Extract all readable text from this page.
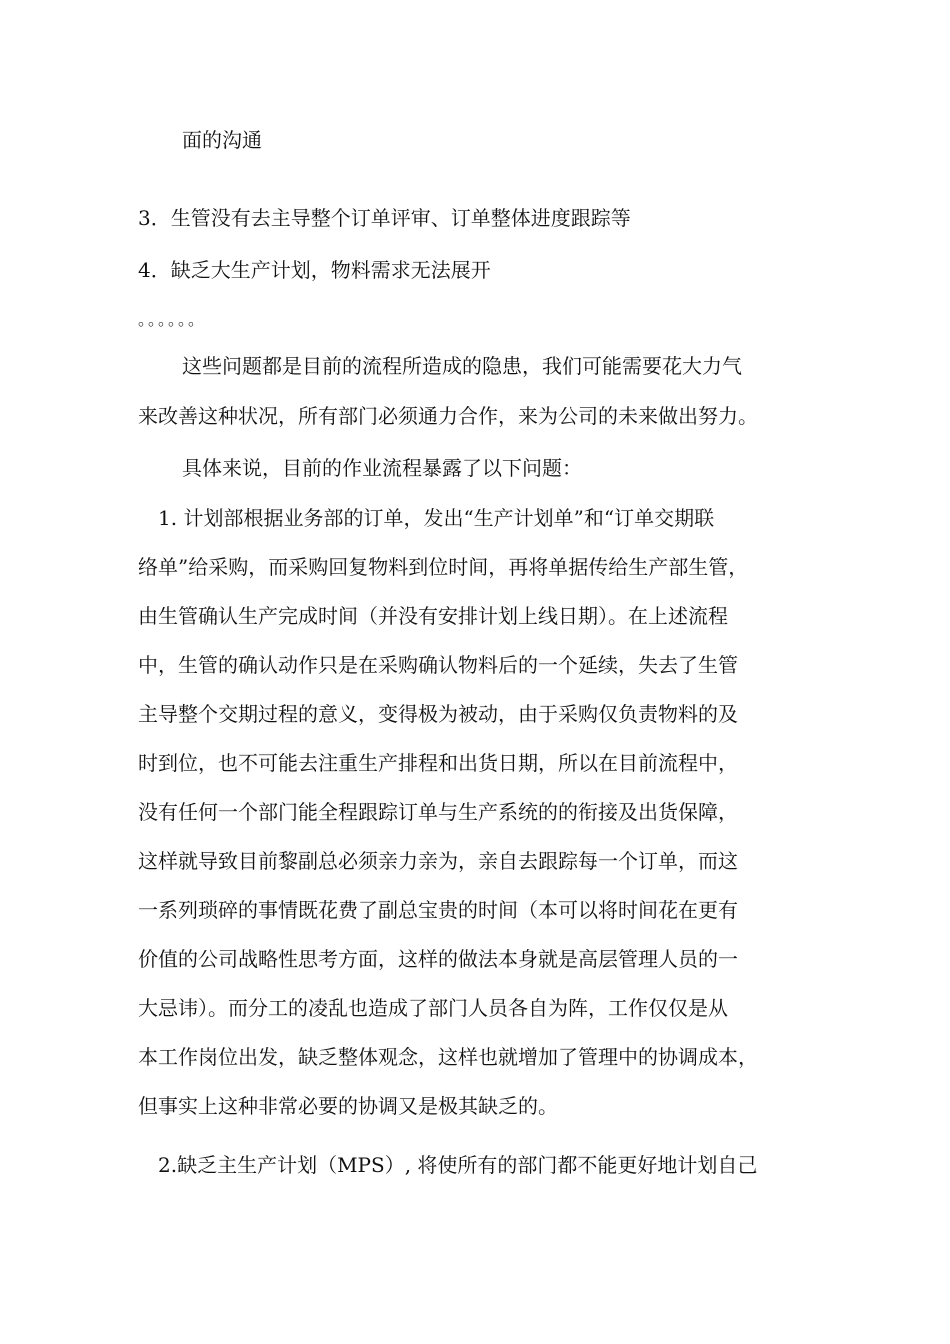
面的沟通
3．生管没有去主导整个订单评审、订单整体进度跟踪等
4．缺乏大生产计划，物料需求无法展开
。。。。。。
这些问题都是目前的流程所造成的隐患，我们可能需要花大力气
来改善这种状况，所有部门必须通力合作，来为公司的未来做出努力。
具体来说，目前的作业流程暴露了以下问题：
1. 计划部根据业务部的订单，发出“生产计划单”和“订单交期联
络单”给采购，而采购回复物料到位时间，再将单据传给生产部生管，
由生管确认生产完成时间（并没有安排计划上线日期）。在上述流程
中，生管的确认动作只是在采购确认物料后的一个延续，失去了生管
主导整个交期过程的意义，变得极为被动，由于采购仅负责物料的及
时到位，也不可能去注重生产排程和出货日期，所以在目前流程中，
没有任何一个部门能全程跟踪订单与生产系统的的衔接及出货保障，
这样就导致目前黎副总必须亲力亲为，亲自去跟踪每一个订单，而这
一系列琐碎的事情既花费了副总宝贵的时间（本可以将时间花在更有
价值的公司战略性思考方面，这样的做法本身就是高层管理人员的一
大忌讳）。而分工的凌乱也造成了部门人员各自为阵，工作仅仅是从
本工作岗位出发，缺乏整体观念，这样也就增加了管理中的协调成本，
但事实上这种非常必要的协调又是极其缺乏的。
2.缺乏主生产计划（MPS）, 将使所有的部门都不能更好地计划自己
